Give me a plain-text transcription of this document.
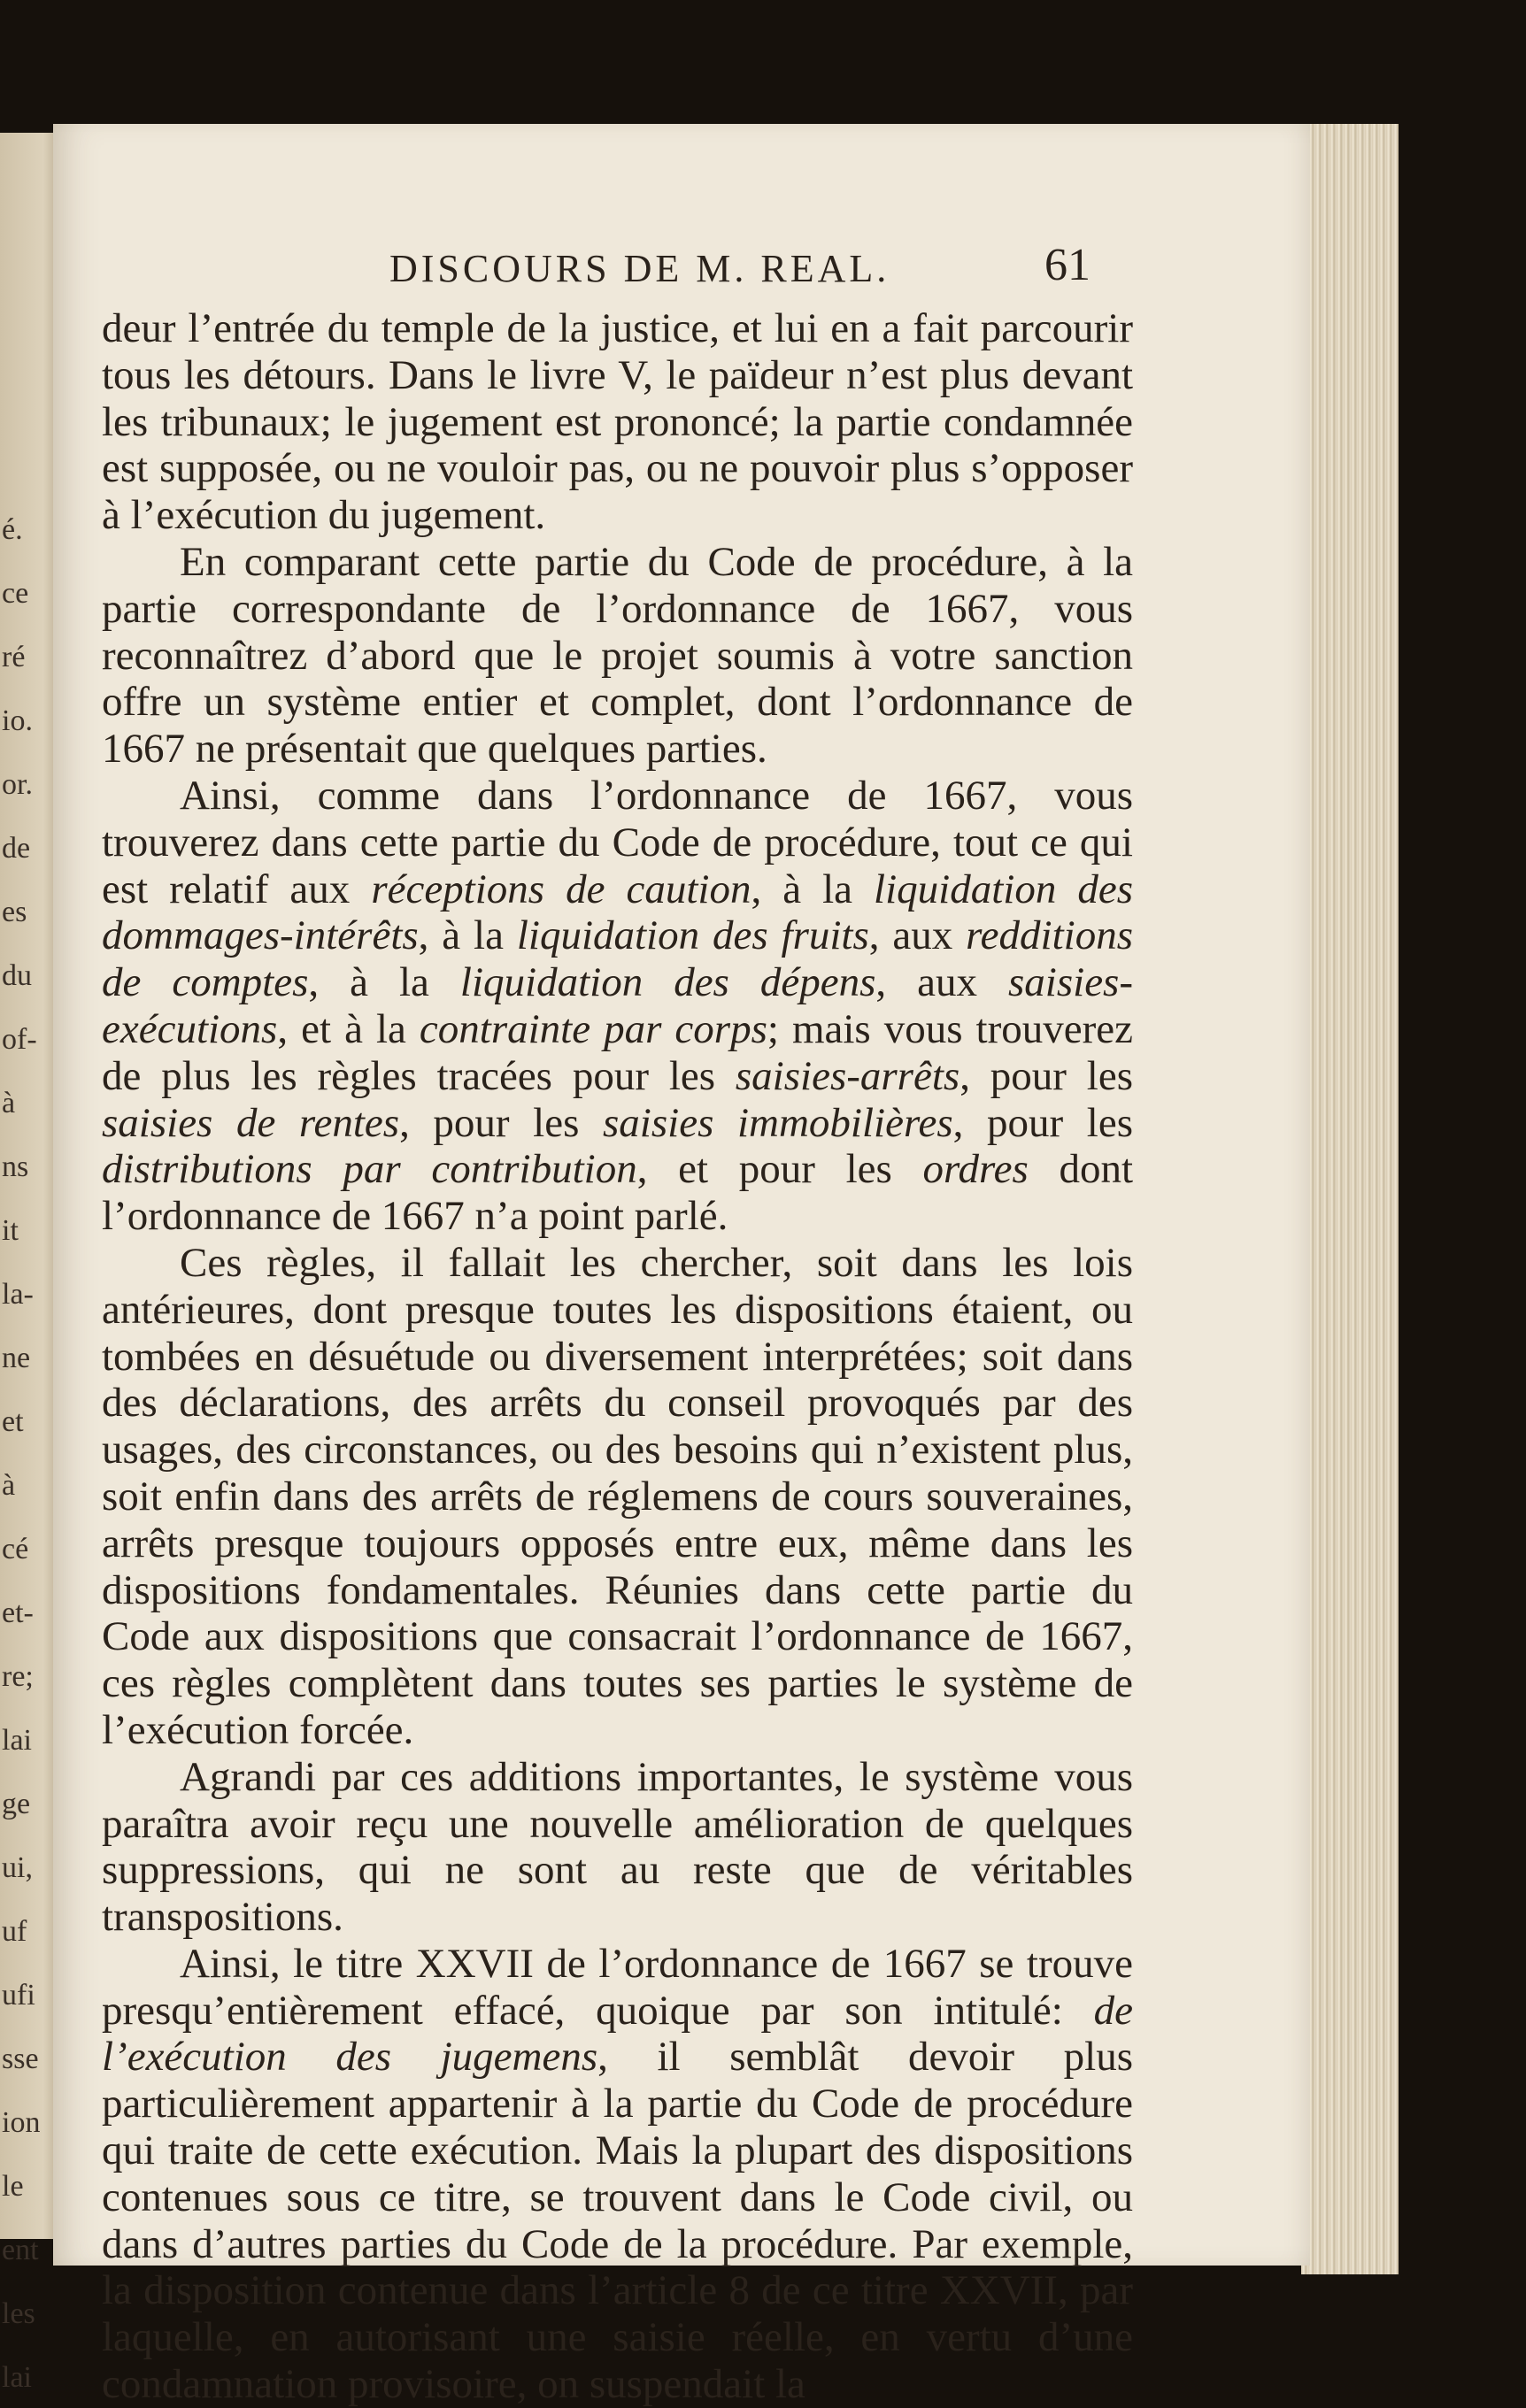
é.
ce
ré
io.
or.
de
es
du
of-
à
ns
it
la-
ne
et
à
cé
et-
re;
lai
ge
ui,
uf
ufi
sse
ion
le
ent
les
lai
DISCOURS DE M. REAL.	61

deur l’entrée du temple de la justice, et lui en a fait parcourir tous les détours. Dans le livre V, le païdeur n’est plus devant les tribunaux; le jugement est prononcé; la partie condamnée est supposée, ou ne vouloir pas, ou ne pouvoir plus s’opposer à l’exécution du jugement.

En comparant cette partie du Code de procédure, à la partie correspondante de l’ordonnance de 1667, vous reconnaîtrez d’abord que le projet soumis à votre sanction offre un système entier et complet, dont l’ordonnance de 1667 ne présentait que quelques parties.

Ainsi, comme dans l’ordonnance de 1667, vous trouverez dans cette partie du Code de procédure, tout ce qui est relatif aux réceptions de caution, à la liquidation des dommages-intérêts, à la liquidation des fruits, aux redditions de comptes, à la liquidation des dépens, aux saisies-exécutions, et à la contrainte par corps; mais vous trouverez de plus les règles tracées pour les saisies-arrêts, pour les saisies de rentes, pour les saisies immobilières, pour les distributions par contribution, et pour les ordres dont l’ordonnance de 1667 n’a point parlé.

Ces règles, il fallait les chercher, soit dans les lois antérieures, dont presque toutes les dispositions étaient, ou tombées en désuétude ou diversement interprétées; soit dans des déclarations, des arrêts du conseil provoqués par des usages, des circonstances, ou des besoins qui n’existent plus, soit enfin dans des arrêts de réglemens de cours souveraines, arrêts presque toujours opposés entre eux, même dans les dispositions fondamentales. Réunies dans cette partie du Code aux dispositions que consacrait l’ordonnance de 1667, ces règles complètent dans toutes ses parties le système de l’exécution forcée.

Agrandi par ces additions importantes, le système vous paraîtra avoir reçu une nouvelle amélioration de quelques suppressions, qui ne sont au reste que de véritables transpositions.

Ainsi, le titre XXVII de l’ordonnance de 1667 se trouve presqu’entièrement effacé, quoique par son intitulé: de l’exécution des jugemens, il semblât devoir plus particulièrement appartenir à la partie du Code de procédure qui traite de cette exécution. Mais la plupart des dispositions contenues sous ce titre, se trouvent dans le Code civil, ou dans d’autres parties du Code de la procédure. Par exemple, la disposition contenue dans l’article 8 de ce titre XXVII, par laquelle, en autorisant une saisie réelle, en vertu d’une condamnation provisoire, on suspendait la
